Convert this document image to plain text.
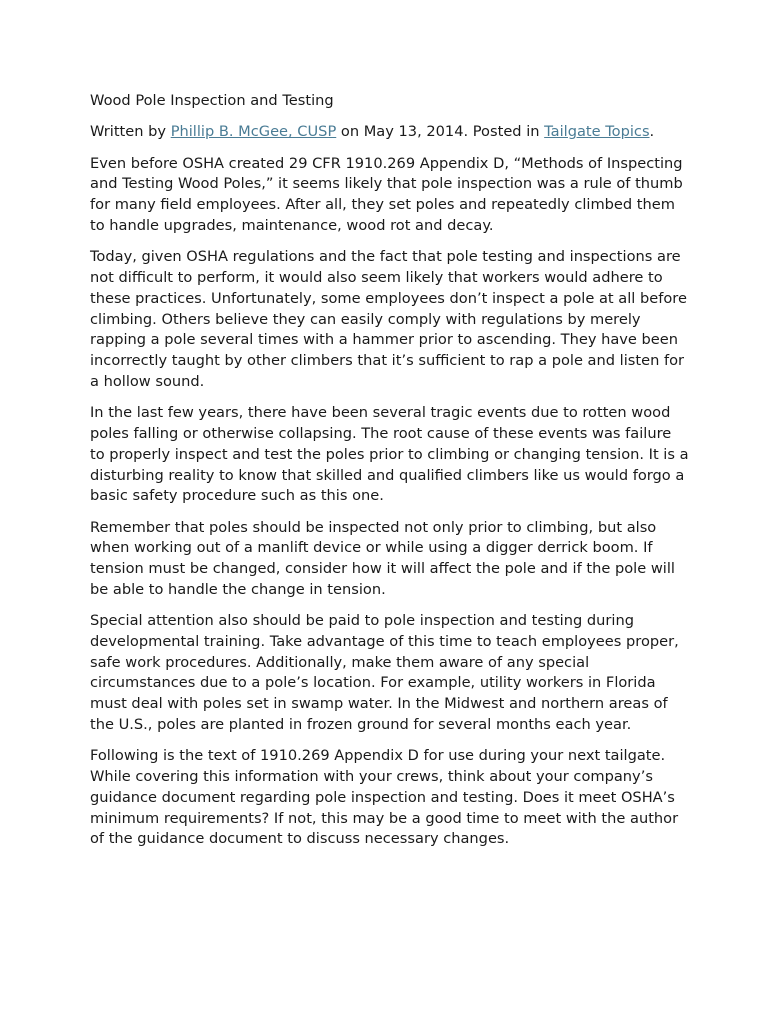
Wood Pole Inspection and Testing
Written by Phillip B. McGee, CUSP on May 13, 2014. Posted in Tailgate Topics.

Even before OSHA created 29 CFR 1910.269 Appendix D, “Methods of Inspecting and Testing Wood Poles,” it seems likely that pole inspection was a rule of thumb for many field employees. After all, they set poles and repeatedly climbed them to handle upgrades, maintenance, wood rot and decay.

Today, given OSHA regulations and the fact that pole testing and inspections are not difficult to perform, it would also seem likely that workers would adhere to these practices. Unfortunately, some employees don’t inspect a pole at all before climbing. Others believe they can easily comply with regulations by merely rapping a pole several times with a hammer prior to ascending. They have been incorrectly taught by other climbers that it’s sufficient to rap a pole and listen for a hollow sound.

In the last few years, there have been several tragic events due to rotten wood poles falling or otherwise collapsing. The root cause of these events was failure to properly inspect and test the poles prior to climbing or changing tension. It is a disturbing reality to know that skilled and qualified climbers like us would forgo a basic safety procedure such as this one.

Remember that poles should be inspected not only prior to climbing, but also when working out of a manlift device or while using a digger derrick boom. If tension must be changed, consider how it will affect the pole and if the pole will be able to handle the change in tension.

Special attention also should be paid to pole inspection and testing during developmental training. Take advantage of this time to teach employees proper, safe work procedures. Additionally, make them aware of any special circumstances due to a pole’s location. For example, utility workers in Florida must deal with poles set in swamp water. In the Midwest and northern areas of the U.S., poles are planted in frozen ground for several months each year.

Following is the text of 1910.269 Appendix D for use during your next tailgate. While covering this information with your crews, think about your company’s guidance document regarding pole inspection and testing. Does it meet OSHA’s minimum requirements? If not, this may be a good time to meet with the author of the guidance document to discuss necessary changes.
